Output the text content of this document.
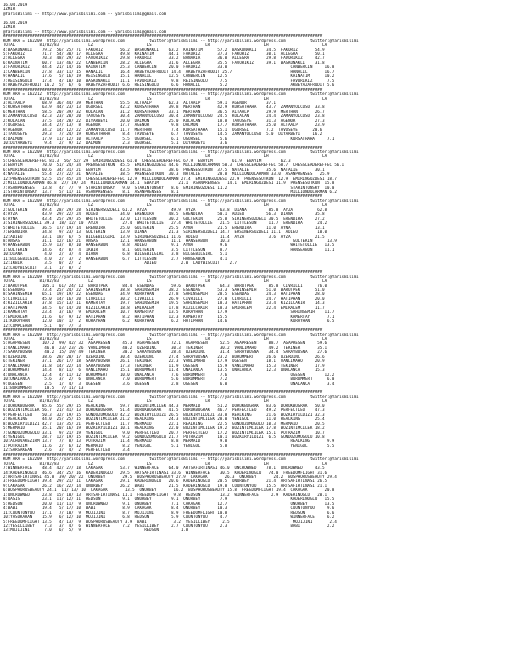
16.04.2019
IZMIR
@YarisBilimi -- http://www.yarisbilimi.com -- yarisbilimi@gmail.com
16.04.2019
IZMIR
@YarisBilimi -- http://www.yarisbilimi.com -- yarisbilimi@gmail.com
###################################################################################################################################
KUM ARA = 162209  http://yarisbilimi.wordpress.com          twitter:@YarisBilimi -- http://yarisbilimi.wordpress.com          twitter:@YarisBilimi
TOTAL          81/82/83            LZ                      LS                      LR                      LH                      LA
4:BASKONAKLI    79.2  56/ 25/ 71  FAKORIZ       56.2  BASKONAKLI    63.2  KAINATIM      57.2  BASKONAKLI    34.5  FAKORIZ       54.9
5:FAKORIZ       71.7  54/ 30/ 17  ALLEGRA       49.8  KAINATIM      44.1  FAKORIZ       37.3  FAKORIZ       30.1  ALLEGRA       50.1
2:ALLEGRA       70.3  48/ 29/ 32  FAVORIKIZ     29.8  FAKORIZ       33.2  BANARIA       36.0  ALLEGRA       29.8  FAVORIKIZ     42.7
6:KAINATIM      60.7  13/ 46/ 22  CANBERCIN     28.2  ALLEGRA       31.6  ALLEGRA       35.5  FAVORIKIZ     39.1  BASKONAKLI    31.8
3:FAVORIKIZ     44.4  21/ 14/ 16  KAINATIM      25.3  CANBERCIN     20.0  FAKORIZ       33.0                          CANBERCIN     16.8
1:CANBERCIN     27.8  33/ 11/ 15  HANALIL       16.4  AKBEYAZAFRODIT 14.4  AKBEYAZAFRODIT 25.7                        HANALIL       16.7
9:HANALIL       17.6   5/ 16/ 19  REISINGOLU    15.1  HANALIL       12.5  CANBERCIN     12.5                          KAINATIM      10.2
7:REISINGOLU    17.4   4/ 10/ 10  BASKONAKLI    11.1  FAVORIKIZ      9.8  REISINGOLU     7.5                          FAVORIKIZ      7.5
8:AKBEYAZAFRODIT 16.2  5/  6/  6  AKBEYAZAFRODIT 6.6  REISINGOLU     6.6  HANALIL        5.2                          AKBEYAZAFRODIT 5.6
###################################################################################################################################
KUM ARA = 162212  http://yarisbilimi.wordpress.com          twitter:@YarisBilimi -- http://yarisbilimi.wordpress.com          twitter:@YarisBilimi
TOTAL          81/82/83            LZ                      LS                      LR                      LH                      LA
3:ALTAALP       68.9  36/ 44/ 39  MERTHAN       55.5  ALTAALP       62.3  ALTAALP       59.1  AGENOR        37.1
5:KURSATHAHA    63.9  44/ 23/ 13  UGURSEL       42.2  KURSATHAHA    39.8  MERTHAN       42.9  KURSATHAHA    43.7  ZAMANYOLCUSU  33.8
6:MERTHAN       58.5  20/ 39/ 32  KOLACAN       31.2  KURSATHAHA    33.1  MERTHAN       36.5  ALTAALP       29.9  MERTHAN       26.7
8:ZAMANYOLCUSU  42.3  23/ 20/ 20  TAVUSEYE      30.4  ZAMANYOLCUSU  30.4  ZAMANYOLCUSU  24.5  KOLACAN       24.4  ZAMANYOLCUSU  23.8
2:KOLACAN       37.5  14/ 28/ 22  DIYARBEYI     20.0  DALMON        25.0  KOLACAN       18.8  TAVUSEYE      31.3  AGENOR        27.3
7:UGURSEL       34.4  27/ 13/  8  AGENOR        17.7  AGENOR         9.8  DALMON        17.7  KURSATHAHA    25.0  ALTAALP       23.9
9:AGENOR        34.2  14/ 12/ 22  ZAMANYOLCUSU  11.7  MERTHAN        7.4  KURSATHAHA    15.1  UGURSEL       7.2  TAVUSEYE      20.6
1:TAVUSEYE      29.3   7/ 24/ 19  KURSATHAHA     8.4  TAVUSEYE       6.7  TAVUSEYE      14.5  ZAMANYOLCUSU  5.0  DIYARBEYI     16.2
4:DALMON        17.9  11/ 12/ 10  ALTAALP        5.5  UGURSEL        6.1  UGURSEL        5.6                          KURSATHAHA     7.1
10:DIYARBEYI     9.4   2/  9/ 12  DALMON         2.3  UGURSEL        5.1  DIYARBEYI      3.6
###################################################################################################################################
KUM ARA = 162209  http://yarisbilimi.wordpress.com          twitter:@YarisBilimi -- http://yarisbilimi.wordpress.com          twitter:@YarisBilimi
TOTAL          81/82/83            LZ                      LS                      LR                      LH                      LA
5:CHESSLEADEREFFEC 81.3  56/ 52/ 29  EMIRINGOZDESI 61.0  CHESSLEADEREFFEC 67.9  EBAYIM        61.9  EBAYIM        62.3
3:EBAYIM        70.0  51/ 24/ 34  PRENSESUTKUN  45.5  EMIRINGOZDESI 44.6  MILLIONDOLARMAN 50.3  CHESSLEADEREFFEC 58.7  CHESSLEADEREFFEC 56.1
6:EMIRINGOZDESI 60.6  34/ 31/ 21  EBAYIM        43.5  NATALIE       38.6  PRENSESUTKUN  37.5  NATALIE       35.6  NATALIE       30.1
4:NATALIE       55.4  27/ 22/ 31  NATALIE       38.5  PRENSESUTKUN  30.3  NATALIE       28.8  MILLIONDOLARMAN 33.0  ASANPRENSES   25.9
12:PRENSESUTKUN 52.5  15/ 45/ 24  CHESSLEADEREFFEC 12.9  MILLIONDOLARMAN 27.4  EMIRINGOZDESI 22.9  PRENSESUTKUN  12.9  EMIRINGOZDESI 18.7
2:MILLIONDOLARMAN 46.8  27/ 19/ 24  MILLIONDOLARMAN 14.1  EBAYIM        21.1  ASANPRENSES   14.1  EMIRINGOZDESI 11.9  PRENSESUTKUN  15.8
7:ASANPRENSES   13.8   4/  7/  9  STARINTONSKY   9.0  STARINTONSKY   8.6  EMIRINGOZDESI 11.2                          STARINTONSKY  10.0
1:STARINTONSKY  13.7   5/ 11/ 11  ASANPRENSES    8.1  ASANPRENSES    8.1                                              MILLIONDOLARMAN 6.2
###################################################################################################################################
KUM ARA = 162209  http://yarisbilimi.wordpress.com          twitter:@YarisBilimi -- http://yarisbilimi.wordpress.com          twitter:@YarisBilimi
TOTAL          81/82/83            LZ                      LS                      LR                      LH                      LA
2:GULTEKIN      49.4  28/ 29/ 28  SIRINERSUZDELI 61.2  AYZA          49.9  AYZA          63.8  DIANA         85.8  AYZA          62.8
4:AYZA          43.9  29/ 22/ 24  ADIEU         34.0  ERENDIRA      48.5  ERENDIRA      50.1  ADIEU         56.3  DIANA         35.8
6:AYNA          43.4  25/ 29/ 35  WHITETOLLIE   32.0  LITTLESUN     30.2  GULTEKIN      25.8  SIRINERSUZDELI 30.5  ERENDIRA     27.2
3:SIRINERSUZDELI 39.3  18/ 12/ 10  AYZA          27.4  WHITETOLLIE   27.4  WHITETOLLIE   21.5  LITTLESUN     11.7  ERENDIRA      24.2
5:WHITETOLLIE   36.5  17/ 19/ 14  ERENDIRA      25.0  GULTEKIN      25.5  AYNA          21.5  ERENDIRA      11.0  AYNA          13.1
7:ERENDIRA      34.8   9/ 23/ 13  GULTEKIN      13.9  DIANA         21.3  SIRINERSUZDELI 14.7  ERSINERSUZDELI 11.1  ADIEU        10.0
12:ADIEU        33.1  18/  6/  5  BILGEBILGIRL  13.9  SIRINERSUZDELI 11.6  ADIEU         11.4  AYZA          3.6  AYZA          21.5
8:ANSAS         31.1  12/ 16/ 21  ANSAS         12.1  HANSEABON      11.1  HANSEABON     10.3                          GULTEKIN      13.9
9:HANSEABON     15.9  13/  8/ 10  HANSEABON      8.8  ADIEU          9.1  AYNA           9.6                          WHITETOLLIE   13.5
1:GULTEKIN      14.6   4/  8/  4  IKBIR          8.1  GULTEKIN       3.5  LITTLESUN      8.7                          HANSEABON     11.1
10:DIANA         4.0   2/  3/  4  DIANA          6.8  BILGEBILGIRL   3.8  BILGEBILGIRL   5.1
11:BILGEBILGIRL  4.0   2/  3/  2  HANSEABON      6.7  LITTLESUN      2.7  HANSEABON      4.1
12:IKBIR         3.5   0/  2/  2                          ADIEU          2.0  LADYBISCUIT    2.7
12:LADYBISCUIT   3.1   1/  0/  2
###################################################################################################################################
KUM ARA = 162209  http://yarisbilimi.wordpress.com          twitter:@YarisBilimi -- http://yarisbilimi.wordpress.com          twitter:@YarisBilimi
TOTAL          81/82/83            LZ                      LS                      LR                      LH                      LA
2:BARUTPEK      105.1  61/ 24/ 12  BARUTPEK      84.4  ESENDAG       59.6  BARUTPEK      64.3  BARUTPEK      85.8  CIVRILLI      76.0
6:ESENDAG       73.4  25/ 24/ 22  SAHINSEMIH    38.8  SAHINSEMIH    38.2  ESENDAG       53.3  SAHINSEMIH    51.0  BARUTPEK      51.0
8:SAHINSEMIH    65.1  19/ 19/ 22  ESENDAG       34.9  KORAYHAN      27.8  SAHINSEMIH    28.5  ESENDAG       24.3  HATIPHAN      28.0
5:CIVRILLI      45.0  14/ 16/ 20  CIVRILLI      30.2  CIVRILLI      26.9  CIVRILLI      27.0  CIVRILLI      24.7  HATIPHAN      20.0
4:KIZILCAKIR    37.8  15/ 13/ 11  KAMERTAY      19.7  SAHINSEMIH    19.5  SAHINSEMIH    18.3  HATIPHAN      23.4  KIZILCAKIR    14.3
3:HATIPHAN      34.5   6/ 14/ 20  KIZILCAKIR    18.8  EMIRALEM      17.8  KIZILCAKIR    18.3  EMIRALEM      22.4  EMIRALEM      11.7
1:KAMERTAY      23.4   3/ 16/  9  EMIRALEM      10.7  KAMERTAY      13.5  KORAYHAN      17.9                          SAHINSEMIH    11.7
7:EMIRALEM      21.6   6/  9/ 12  HATIPHAN       8.2  HATIPHAN      12.3  KAMERTAY      15.5                          KAMERTAY       7.1
11:KORAYHAN     12.0  10/  1/  2  KORAYHAN       6.2  KORAYHAN       6.2  HATIPHAN      14.6                          KORAYHAN       6.5
12:COMPLEABA     5.1   0/  7/  3
###################################################################################################################################
KUM ARA = 162209  http://yarisbilimi.wordpress.com          twitter:@YarisBilimi -- http://yarisbilimi.wordpress.com          twitter:@YarisBilimi
TOTAL          81/82/83            LZ                      LS                      LR                      LH                      LA
5:AGAPRESEN     107.2  99/ 42/ 32  AGAPRESEN     45.3  AGAPRESEN     72.1  AGAPRESEN     52.5  AGAPRESEN     88.7  AGAPRESEN     59.6
1:VANLIMAHO      46.0  23/ 23/ 26  VANLIMAHO     40.2  OZERDINC      30.3  TEKINER       30.2  VANLIMAHO     49.2  TEKINER       35.1
7:SARAYBOSNA     40.2  15/ 19/ 49  TEKINER       30.2  SARAYBOSNA    28.4  OZERDINC      31.4  SARAYBOSNA    34.4  SARAYBOSNA    27.6
8:OZERDINC      38.6  28/ 20/ 17  OZERDINC      30.4  OZERDINC      27.4  SARAYBOSNA    23.2  BURUMMERT     26.6  OZERDINC      26.6
6:TEKINER       37.1  26/ 17/ 18  SARAYBOSNA    26.1  TEKINER       22.3  VANLIMAHO     17.9  OGESEN        18.1  VANLIMAHO     20.9
2:VANLIMAHO     31.8  14/ 22/ 14  SARAYBOSNA    17.3  TEKINER       11.9  OGESEN        15.9  VANLIMAHO     15.3  TEKINER       17.9
3:BURUMMERT     14.4   8/ 11/  6  VANLIMAHO     15.1  BURUMMERT     11.4  UNALANCA      13.5  UNALANCA      12.3  UNALANCA      15.3
4:UNALANCA      12.4   4/ 11/ 12  BURUMMERT     10.0  UNALANCA       7.6  BURUMMERT      7.6                          OGESEN        12.2
10:UNALANCA      5.6   3/  2/  6  UNALANCA       7.0  BURUMMERT      5.6  BURUMMERT      7.2                          BURUMMERT      6.0
9:OGESEN         2.5   1/  4/  3  OGESEN         3.6  OGESEN         2.8  OGESEN         6.0                          UNALANCA       3.4
11:BURUMMERT     10.5   7/ 11/ 13
###################################################################################################################################
KUM ARA = 162209  http://yarisbilimi.wordpress.com          twitter:@YarisBilimi -- http://yarisbilimi.wordpress.com          twitter:@YarisBilimi
TOTAL          81/82/83            LZ                      LS                      LR                      LH                      LA
3:DORUKBUGRAK   85.6  55/ 29/ 15  REALKING      59.7  BOZINTIMCILEK 44.3  MERMAID       51.2  DORUKBUGRAK   83.6  DORUKBUGRAK   50.0
6:BOZINTIMCILEK 56.7  21/ 41/ 13  DORUKBUGRAK   51.4  DORUKBUGRAK   41.5  DORUKBUGRAK   46.7  PERFECTLEO    49.2  PERFECTLEO    47.3
9:PERFECTLEO    50.3  32/ 19/ 15  GUNDUZUMUGULU 42.2  BOZKIRYILDIZI 26.5  BOZKIRYILDIZI 33.8  REALKING      21.6  BOZKIRYILDIZI 32.3
2:REALKING      44.0  25/ 25/ 15  BOZINTIMCILEK 21.2  REALKING      24.3  BOZINTIMCILEK 28.0  YENIGUL       11.0  REALKING      25.4
8:BOZKIRYILDIZI 42.7  13/ 35/ 21  PERFECTLEO    11.7  MERMAID       22.1  REALKING      22.5  GUNDUZUMUGULU 10.3  MERMAID       20.5
5:MERMAID       35.1  20/ 16/ 19  BOZKIRYILDIZI 10.1  REALKING      22.0  BOZINTIMCILEK 19.2  BOZINTIMCILEK 17.8  BOZINTIMCILEK 18.2
7:GUNDUZUMUGULU 33.1   9/ 21/ 19  YENIGUL        9.0  PERFECTLEO    20.7  PERFECTLEO    17.2  BOZINTIMCILEK 15.1  POTRAZIM      10.7
4:YENIGUL       28.7  12/ 19/ 15  BOZINTIMCILEK  9.2  GUNDUZUMUGULU 21.7  POTRAZIM      10.1  BOZKIRYILDIZI  6.5  GUNDUZUMUGULU 10.8
10:ACHOVAKEZIRM 13.7   7/  8/ 13  POTRAZIM      11.4  MERMAID        8.8  MERMAID        9.0                          REALKING       9.9
1:POTRAZIM      11.6   2/  6/ 12  MERMAID        8.2  YENIGUL        5.1  YENIGUL        5.8                          YENIGUL        5.5
12:SARSAKEAN     2.6   3/  4/  2  PERFECTLEO     3.4
###################################################################################################################################
KUM ARA = 162209  http://yarisbilimi.wordpress.com          twitter:@YarisBilimi -- http://yarisbilimi.wordpress.com          twitter:@YarisBilimi
TOTAL          81/82/83            LZ                      LS                      LR                      LH                      LA
7:WINNERFACE    48.4  42/ 27/ 18  CAKAGAK       53.7  WINNERFACE    64.0  ARTSAFIRTINASI 46.0  UNCROWNED    78.1  UNCROWNED     43.5
14:KADERINOGLU  46.6  34/ 25/ 16  KADERINOGLU   29.5  ARTSAFIRTINASI 33.6  WINNERFACE    30.5  KADERINOGLU   74.0  FREEDOMFLIGHT 31.6
2:ARTSAFIRTINASI 45.8  39/ 20/ 22  ONURBEY       29.5  BOSPHORUSBEAUTY 27.9  CAKAGAK       26.3  ONURBEY       24.2  BOSPHORUSBEAUTY 29.4
3:FREEDOMFLIGHT 39.4  29/ 21/ 11  CAKAGAK       29.1  KADERINOGLU   20.6  KADERINOGLU   20.5  ONURBEY       21.4  ARTSAFIRTINASI 26.5
9:CAKAGAK       26.2  16/ 22/ 14  ONURBEY       26.2  BABI          21.5  KADERINOGLU   19.8  COUNTONYOU    15.5  ARTSAFIRTINASI 21.1
6:BOSPHORUSBEAUTY 24.1  11/ 13/ 10  CAKAGAK       13.5  ONURBEY       16.2  BOSPHORUSBEAUTY 15.8  FREEDOMFLIGHT 19.4  CAKAGAK       20.8
1:UNCROWNED     23.8  15/ 10/ 13  ARTSAFIRTINASI 11.1  FREEDOMFLIGHT  9.8  REDSUN        13.2  WINNERFACE     2.9  KADERINOGLU   20.1
8:OASIS         23.1  11/ 12/ 11  REDSUN         9.1  ONURBEY        9.1  ONURBEY        7.9                          KADERINOGLU   15.5
5:REDSUN        20.0  11/ 11/  9  UNCROWNED      9.1  ONURBEY        7.1  CAKAGAK       12.7                          ONURBEY       13.5
4:BABI          19.4   5/ 17/ 10  BABI           8.9  CAKAGAK        8.4  ONURBEY       10.3                          COUNTONYOU     9.6
11:COUNTONYOU   17.1   7/ 10/  9  MOJIJINI       8.7  MOJIJINI       8.9  FREEDOMFLIGHT 10.8                          REDSUN         6.6
10:YASUKARAN    15.9   6/ 12/ 10  MOJIJINI       6.8  REDSUN         5.9  COUNTONYOU     4.7                          WINNERFACE     6.2
5:FREEDOMFLIGHT 13.5   4/ 13/  9  BOSPHORUSBEAUTY 3.9  BABI           3.2  YESILLIBEY     2.5                          MOJIJINI       2.4
12:YESILLIBEY    7.3   3/  4/  6  WINNERFACE     7.2  YESILLIBEY     2.7  COUNTONYOU     2.3                          BABI           2.2
13:MOJIJINI      7.0   6/  5/  9                          REDSUN         1.8
